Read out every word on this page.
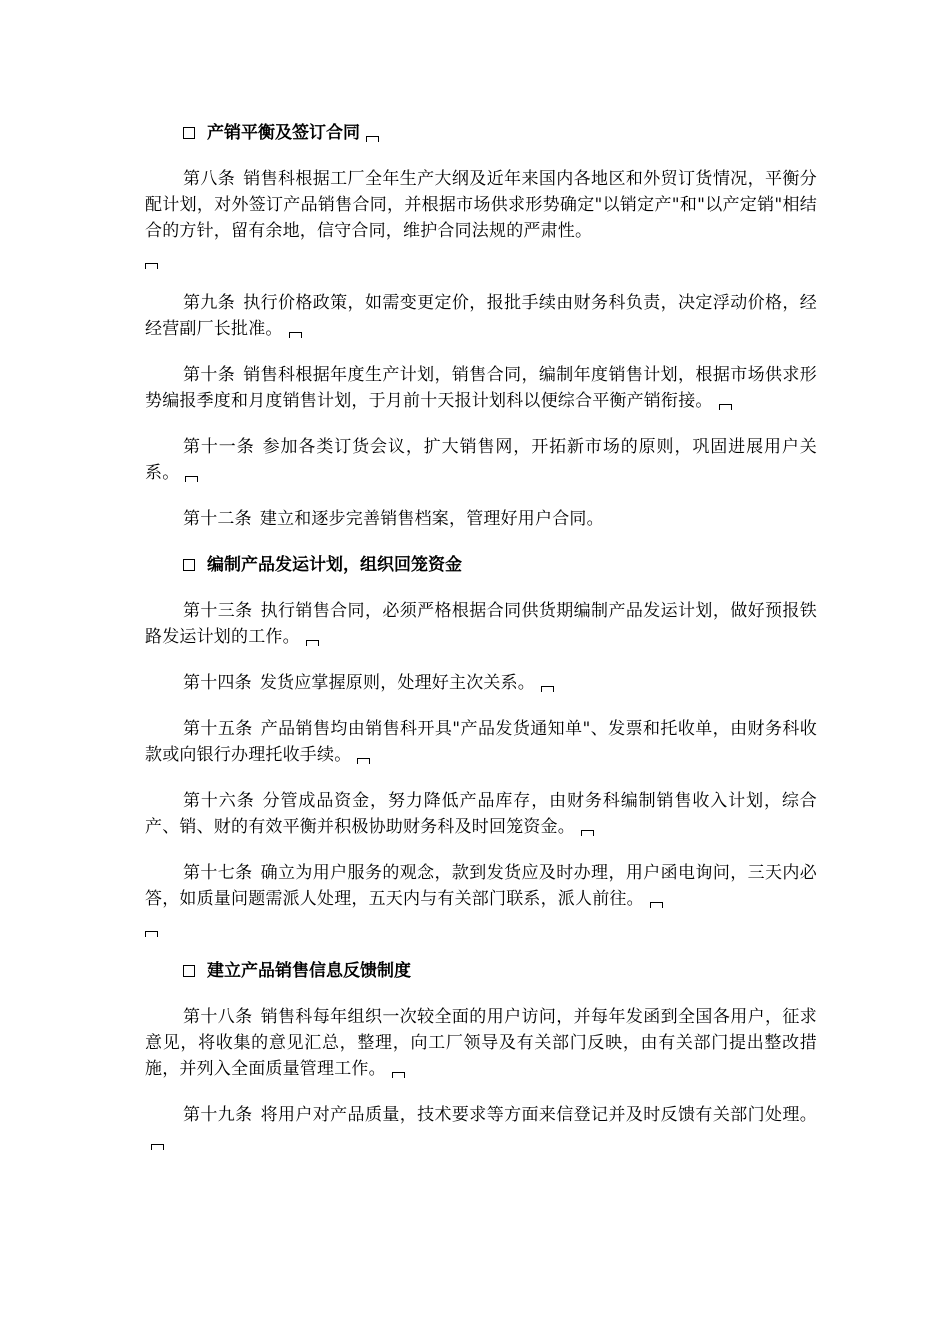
产销平衡及签订合同

第八条 销售科根据工厂全年生产大纲及近年来国内各地区和外贸订货情况，平衡分配计划，对外签订产品销售合同，并根据市场供求形势确定"以销定产"和"以产定销"相结合的方针，留有余地，信守合同，维护合同法规的严肃性。

第九条 执行价格政策，如需变更定价，报批手续由财务科负责，决定浮动价格，经经营副厂长批准。

第十条 销售科根据年度生产计划，销售合同，编制年度销售计划，根据市场供求形势编报季度和月度销售计划，于月前十天报计划科以便综合平衡产销衔接。

第十一条 参加各类订货会议，扩大销售网，开拓新市场的原则，巩固进展用户关系。

第十二条 建立和逐步完善销售档案，管理好用户合同。

编制产品发运计划，组织回笼资金

第十三条 执行销售合同，必须严格根据合同供货期编制产品发运计划，做好预报铁路发运计划的工作。

第十四条 发货应掌握原则，处理好主次关系。

第十五条 产品销售均由销售科开具"产品发货通知单"、发票和托收单，由财务科收款或向银行办理托收手续。

第十六条 分管成品资金，努力降低产品库存，由财务科编制销售收入计划，综合产、销、财的有效平衡并积极协助财务科及时回笼资金。

第十七条 确立为用户服务的观念，款到发货应及时办理，用户函电询问，三天内必答，如质量问题需派人处理，五天内与有关部门联系，派人前往。

建立产品销售信息反馈制度

第十八条 销售科每年组织一次较全面的用户访问，并每年发函到全国各用户，征求意见，将收集的意见汇总，整理，向工厂领导及有关部门反映，由有关部门提出整改措施，并列入全面质量管理工作。

第十九条 将用户对产品质量，技术要求等方面来信登记并及时反馈有关部门处理。
